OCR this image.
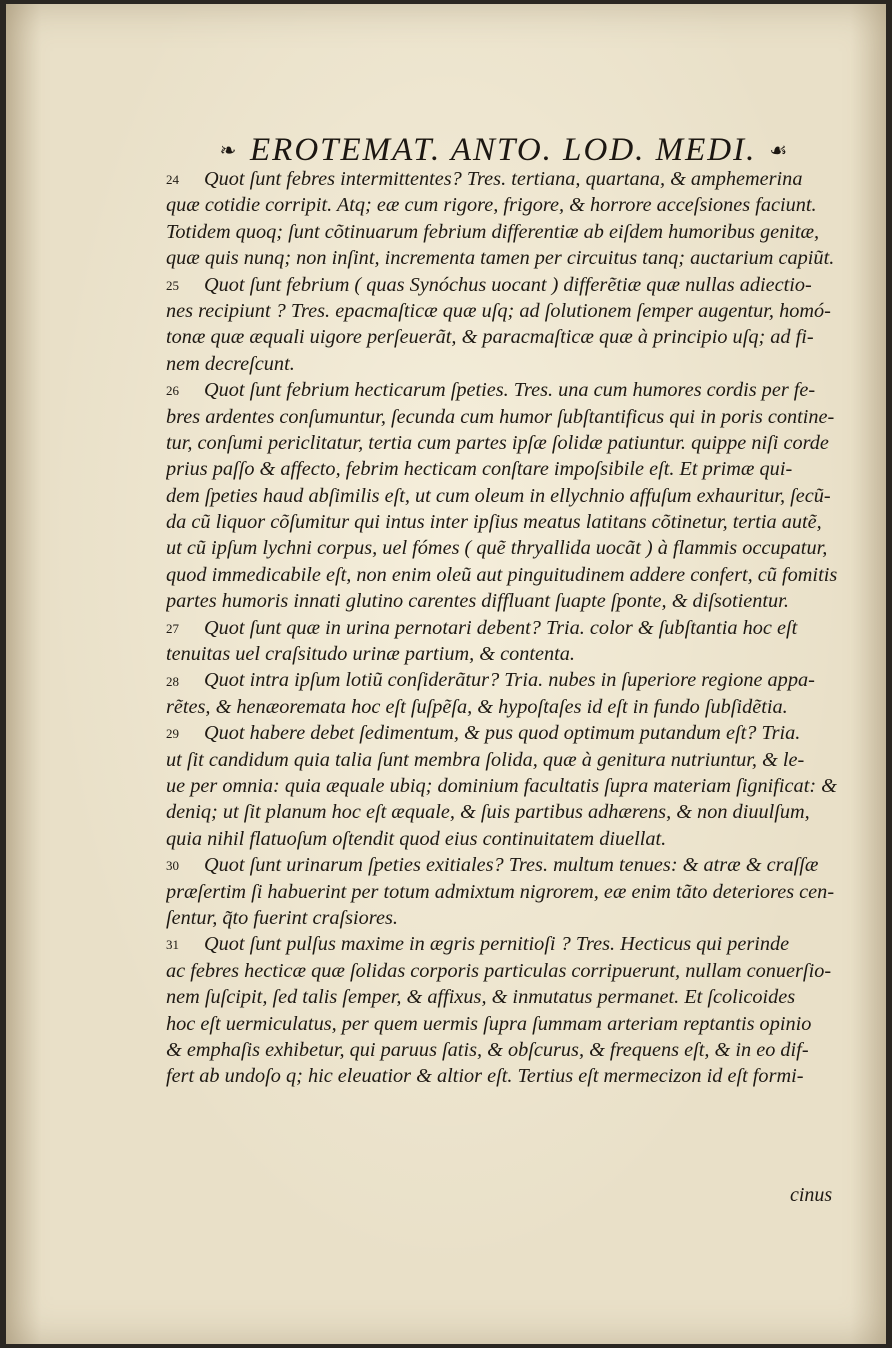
❧ EROTEMAT. ANTO. LOD. MEDI. ☙
24 Quot ſunt febres intermittentes? Tres. tertiana, quartana, & amphemerina
quæ cotidie corripit. Atq; eæ cum rigore, frigore, & horrore acceſsiones faciunt.
Totidem quoq; ſunt cõtinuarum febrium differentiæ ab eiſdem humoribus genitæ,
quæ quis nunq; non inſint, incrementa tamen per circuitus tanq; auctarium capiũt.
25 Quot ſunt febrium ( quas Synóchus uocant ) differẽtiæ quæ nullas adiectio-
nes recipiunt ? Tres. epacmaſticæ quæ uſq; ad ſolutionem ſemper augentur, homó-
tonæ quæ æquali uigore perſeuerãt, & paracmaſticæ quæ à principio uſq; ad fi-
nem decreſcunt.
26 Quot ſunt febrium hecticarum ſpeties. Tres. una cum humores cordis per fe-
bres ardentes conſumuntur, ſecunda cum humor ſubſtantificus qui in poris contine-
tur, conſumi periclitatur, tertia cum partes ipſæ ſolidæ patiuntur. quippe niſi corde
prius paſſo & affecto, febrim hecticam conſtare impoſsibile eſt. Et primæ qui-
dem ſpeties haud abſimilis eſt, ut cum oleum in ellychnio affuſum exhauritur, ſecũ-
da cũ liquor cõſumitur qui intus inter ipſius meatus latitans cõtinetur, tertia autẽ,
ut cũ ipſum lychni corpus, uel fómes ( quẽ thryallida uocãt ) à flammis occupatur,
quod immedicabile eſt, non enim oleũ aut pinguitudinem addere confert, cũ fomitis
partes humoris innati glutino carentes diffluant ſuapte ſponte, & diſsotientur.
27 Quot ſunt quæ in urina pernotari debent? Tria. color & ſubſtantia hoc eſt
tenuitas uel craſsitudo urinæ partium, & contenta.
28 Quot intra ipſum lotiũ conſiderãtur? Tria. nubes in ſuperiore regione appa-
rẽtes, & henæoremata hoc eſt ſuſpẽſa, & hypoſtaſes id eſt in fundo ſubſidẽtia.
29 Quot habere debet ſedimentum, & pus quod optimum putandum eſt? Tria.
ut ſit candidum quia talia ſunt membra ſolida, quæ à genitura nutriuntur, & le-
ue per omnia: quia æquale ubiq; dominium facultatis ſupra materiam ſignificat: &
deniq; ut ſit planum hoc eſt æquale, & ſuis partibus adhærens, & non diuulſum,
quia nihil flatuoſum oſtendit quod eius continuitatem diuellat.
30 Quot ſunt urinarum ſpeties exitiales? Tres. multum tenues: & atræ & craſſæ
præſertim ſi habuerint per totum admixtum nigrorem, eæ enim tãto deteriores cen-
ſentur, q̃to fuerint craſsiores.
31 Quot ſunt pulſus maxime in ægris pernitioſi ? Tres. Hecticus qui perinde
ac febres hecticæ quæ ſolidas corporis particulas corripuerunt, nullam conuerſio-
nem ſuſcipit, ſed talis ſemper, & affixus, & inmutatus permanet. Et ſcolicoides
hoc eſt uermiculatus, per quem uermis ſupra ſummam arteriam reptantis opinio
& emphaſis exhibetur, qui paruus ſatis, & obſcurus, & frequens eſt, & in eo dif-
fert ab undoſo q; hic eleuatior & altior eſt. Tertius eſt mermecizon id eſt formi-
cinus
